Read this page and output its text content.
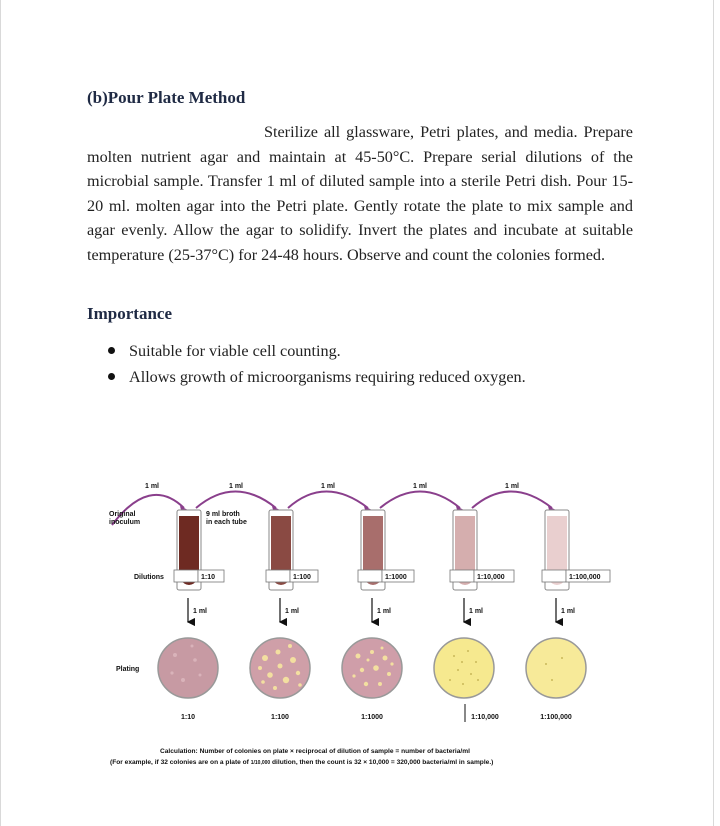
(b)Pour Plate Method

Sterilize all glassware, Petri plates, and media. Prepare molten nutrient agar and maintain at 45-50°C. Prepare serial dilutions of the microbial sample. Transfer 1 ml of diluted sample into a sterile Petri dish. Pour 15-20 ml. molten agar into the Petri plate. Gently rotate the plate to mix sample and agar evenly. Allow the agar to solidify. Invert the plates and incubate at suitable temperature (25-37°C) for 24-48 hours. Observe and count the colonies formed.

Importance
Suitable for viable cell counting.
Allows growth of microorganisms requiring reduced oxygen.
1 ml	1 ml	1 ml	1 ml	1 ml
Original
inoculum
9 ml broth
in each tube
Dilutions
Plating
1:10	1:100	1:1000	1:10,000	1:100,000
1 ml	1 ml	1 ml	1 ml	1 ml
1:10	1:100	1:1000	1:10,000	1:100,000
Calculation: Number of colonies on plate × reciprocal of dilution of sample = number of bacteria/ml
(For example, if 32 colonies are on a plate of 1/10,000 dilution, then the count is 32 × 10,000 = 320,000 bacteria/ml in sample.)
